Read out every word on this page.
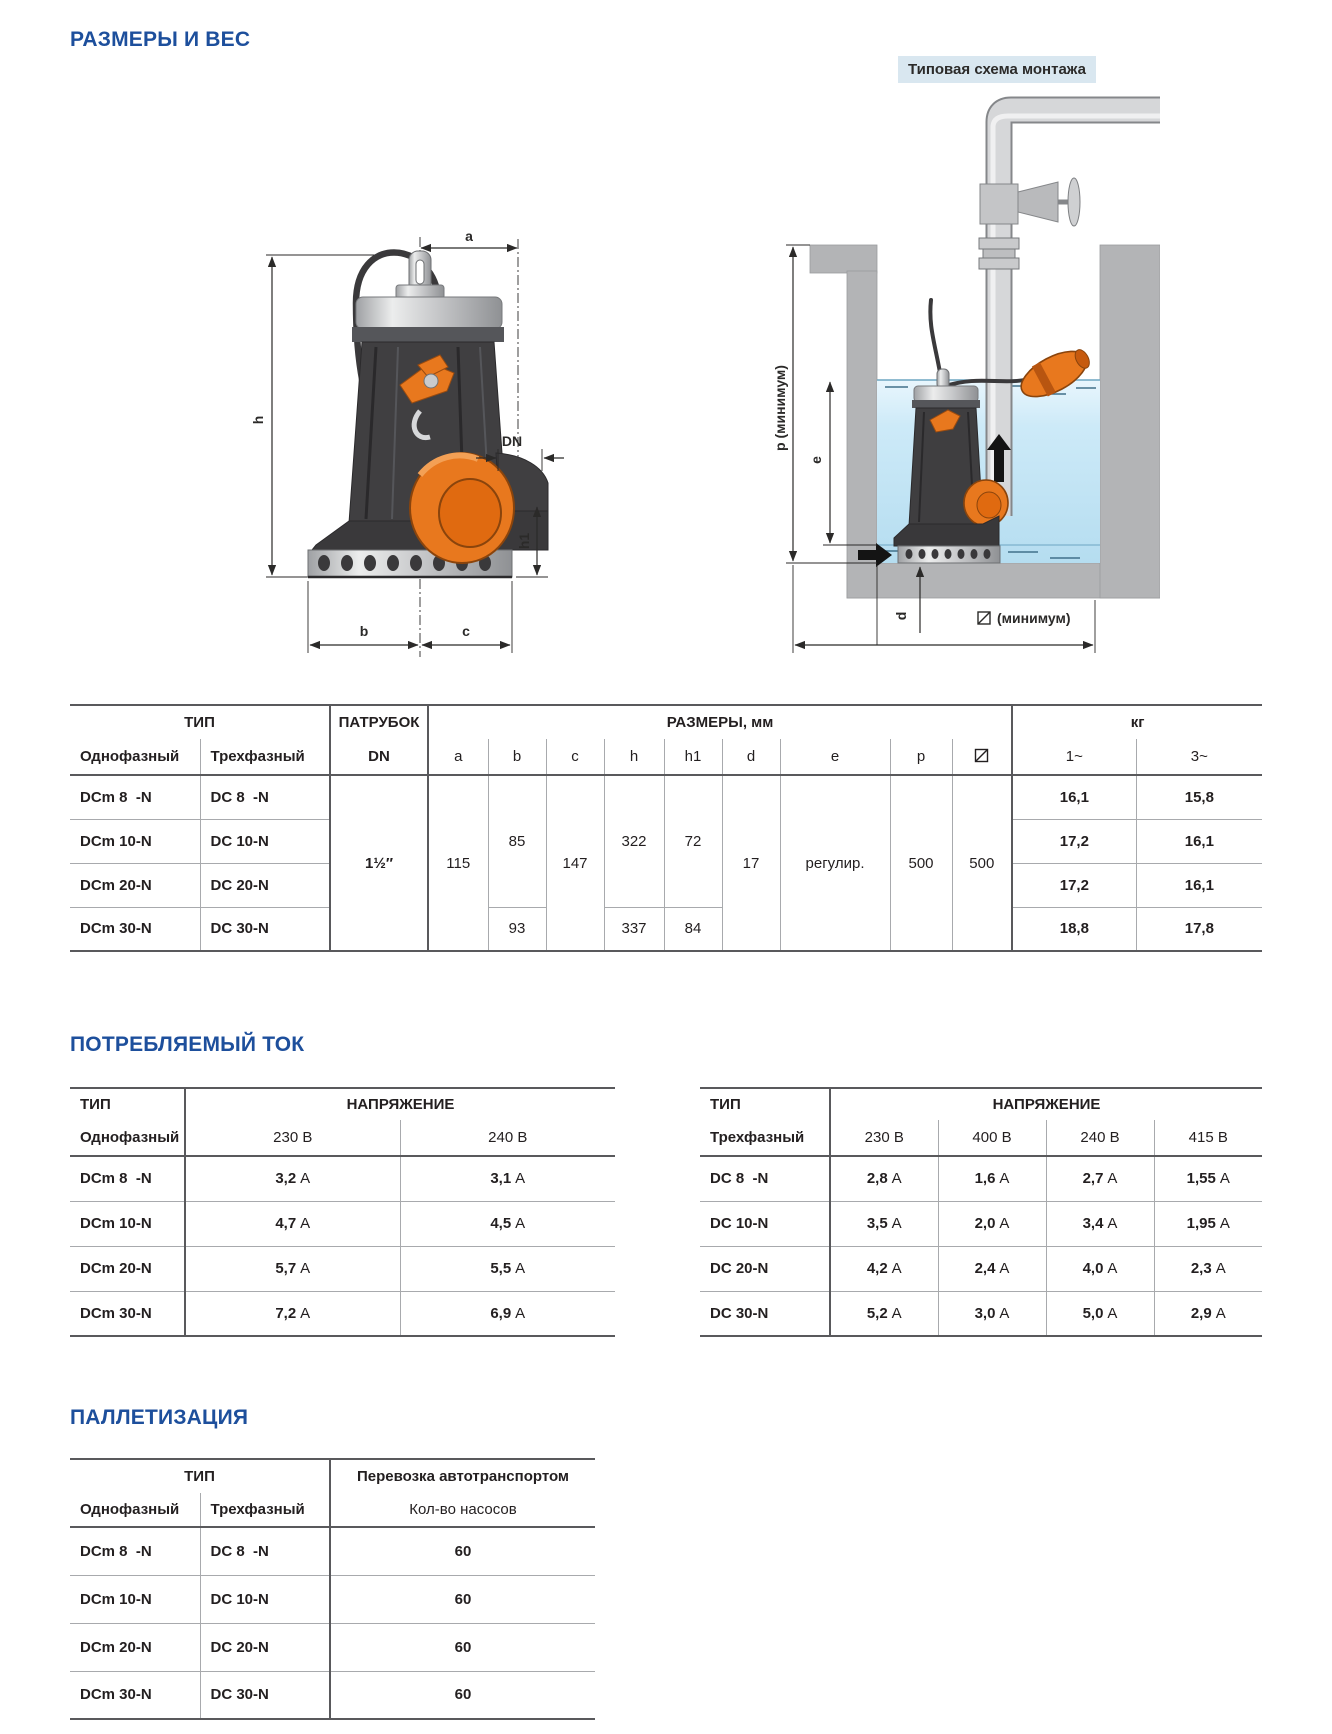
РАЗМЕРЫ И ВЕС
ПОТРЕБЛЯЕМЫЙ ТОК
ПАЛЛЕТИЗАЦИЯ
Типовая схема монтажа
a
h
DN
h1
b	c
p (минимум)
e
d	(минимум)
ТИП		ПАТРУБОК	РАЗМЕРЫ, мм									кг	
Однофазный	Трехфазный	DN	a	b	c	h	h1	d	e	p		1~	3~
DCm 8  -N	DC 8  -N	1½″	115	85	147	322	72	17	регулир.	500	500	16,1	15,8
DCm 10-N	DC 10-N											17,2	16,1
DCm 20-N	DC 20-N											17,2	16,1
DCm 30-N	DC 30-N			93		337	84					18,8	17,8
ТИП	НАПРЯЖЕНИЕ	
Однофазный	230 В	240 В
DCm 8  -N	3,2 A	3,1 A
DCm 10-N	4,7 A	4,5 A
DCm 20-N	5,7 A	5,5 A
DCm 30-N	7,2 A	6,9 A
ТИП	НАПРЯЖЕНИЕ			
Трехфазный	230 В	400 В	240 В	415 В
DC 8  -N	2,8 A	1,6 A	2,7 A	1,55 A
DC 10-N	3,5 A	2,0 A	3,4 A	1,95 A
DC 20-N	4,2 A	2,4 A	4,0 A	2,3 A
DC 30-N	5,2 A	3,0 A	5,0 A	2,9 A
ТИП		Перевозка автотранспортом
Однофазный	Трехфазный	Кол-во насосов
DCm 8  -N	DC 8  -N	60
DCm 10-N	DC 10-N	60
DCm 20-N	DC 20-N	60
DCm 30-N	DC 30-N	60
